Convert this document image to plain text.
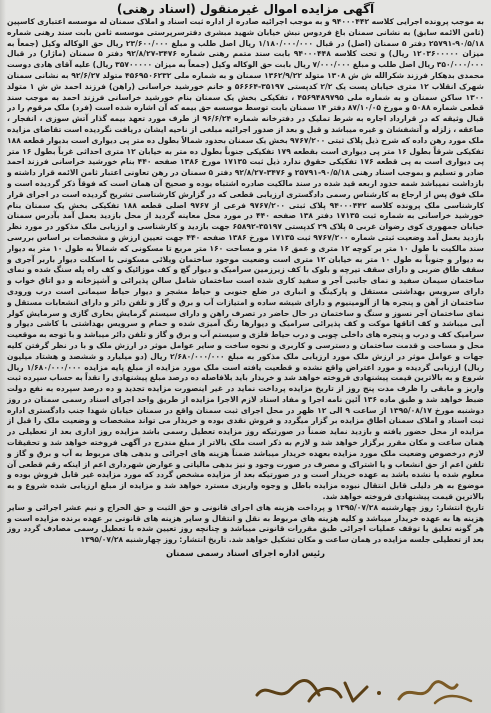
آگهی مزایده اموال غیرمنقول (اسناد رهنی)

به موجب پرونده اجرایی کلاسه ۹۴۰۰۰۴۴۲ و به موجب اجرائیه صادره از اداره ثبت اسناد و املاک سمنان له موسسه اعتباری کاسپین (ثامن الائمه سابق) به نشانی سمنان باغ فردوس نبش خیابان شهید مبشری دفترسرپرستی موسسه ثامن بابت سند رهنی شماره ۹۰/۵/۱۸-۲۵۷۹۱ دفتر ۵ سمنان (اصل) در قبال ۱/۱۸۰/۰۰۰/۰۰۰ ریال اصل طلب و مبلغ ۲۳/۶۰۰/۰۰۰ ریال حق الوکاله وکیل (جمعاً به میزان ۱۲۰۳۶۰۰۰۰۰ ریال) و تحت کلاسه ۹۴۰۰۰۴۴۸ بابت سند متمم رهنی شماره ۳۴۷۶-۹۲/۸/۲۷ دفتر ۵ سمنان (ماژار) در قبال ۳۵۰/۰۰۰/۰۰۰ ریال اصل طلب و مبلغ ۷/۰۰۰/۰۰۰ ریال بابت حق الوکاله وکیل (جمعاً به میزان ۳۵۷۰۰۰۰۰ ریال) علیه آقای هادی دوست محمدی بدهکار فرزند شکرالله ش ش ۱۳۰۸ متولد ۱۳۶۲/۹/۲۲ سمنان و به شماره ملی ۴۵۶۹۵۰۶۲۳۲ متولد ۹۲/۶/۲۷ به نشانی سمنان شهرک انقلاب ۱۲ متری خیابان پست یک ۲/۲ کدپستی ۳۵۱۹۷-۵۶۶۶۴ و خانم خورشید خراسانی (راهن) فرزند احمد ش ش ۱ متولد ۱۳۰۰ ساکن سمنان و به شماره ملی ۴۵۶۹۴۸۹۷۹۵ ، تفکیکی بخش یک سمنان بنام خورشید خراسانی فرزند احمد به موجب سند قطعی شماره ۵۰۸۸ و مورخ ۸۷/۱۰/۰۵ دفتر ۱۴ سمنان بابت توسط موسسه حق بیمه که آن اشاره شده است (فرد) ملک مرقوم را در قبال وثیقه که در قرارداد اجاره به شرط تملیک در دفترخانه شماره ۹۶/۶/۲۴ از طرف مورد تعهد بیمه گذار آتش سوزی ، انفجار ، صاعقه ، زلزله و آتشفشان و غیره میباشد و قبل و بعد از صدور اجرائیه مبلغی از ناحیه ایشان دریافت نگردیده است تقاضای مزایده ملک مورد رهن داده که شرح ذیل پلاک ثبتی ۹۷۶۷/۲۰۰ بخش یک سمنان بحدود شمالاً بطول ده متر پی دیواری است بدیوار قطعه ۱۸۸ تفکیکی شرقاً بطول ۱۶ متر پی دیواری است بقطعه ۱۷۹ تفکیکی جنوباً بطول ده متر به خیابان ۱۲ متری احداثی غرباً بطول ۱۶ متر پی دیواری است به پی قطعه ۱۷۶ تفکیکی حقوق ندارد ذیل ثبت ۱۷۱۳۵ مورخ ۱۳۸۶ صفحه ۴۴۰ بنام خورشید خراسانی فرزند احمد صادر و تسلیم و بموجب اسناد رهنی ۹۰/۵/۱۸-۲۵۷۹۱ و ۳۴۷۶-۹۲/۸/۲۷ دفتر ۵ سمنان در رهن تعاونی اعتبار ثامن الائمه قرار داشته و بازداشت نمیباشد شمه حدود اربعه قید شده در سند مالکیت صادره اشتباه بوده و صحیح آن همان است که فوقاً ذکر گردیده است و ملک فوق پس از ارجاع به کارشناس رسمی دادگستری ارزیابی قطعی که در گزارش کارشناسی تشریح گردیده است در اجرای قرار کارشناسی ملک پرونده کلاسه ۹۴۰۰۰۴۴۲ پلاک ثبتی ۹۷۶۷/۲۰۰ فرعی از ۹۷۶۷ اصلی قطعه ۱۸۸ تفکیکی بخش یک سمنان بنام خورشید خراسانی به شماره ثبت ۱۷۱۳۵ دفتر ۱۳۸ صفحه ۴۴۰ در مورد محل معاینه گردید از محل بازدید بعمل آمد بآدرس سمنان خیابان جمهوری کوی رضوان غربی ۵ پلاک ۲۹ کدپستی ۳۵۱۹۷-۶۵۸۹۲ جهت بازدید و کارشناسی و ارزیابی ملک مذکور در مورد نظر بازدید بعمل آمد وضعیت ثبتی شماره ۹۷۶۷/۲۰۰ ثبت ۱۷۱۳۵ مورخ ۱۳۸۶ صفحه ۴۴۰ جهت تعیین ارزش و مشخصات بر اساس بررسی سند مالکیت با طول ۱۰ متر بر کوچه ۱۲ متری و عمق ۱۶ متر و مساحت ۱۶۰ متر مربع تا مسکونی که شمالاً به طول ۱۰ متر به دیوار به دیوار و جنوباً به طول ۱۰ متر به خیابان ۱۲ متری است وضعیت موجود ساختمان ویلائی مسکونی با اسکلت دیوار باربر آجری و سقف طاق ضربی و دارای سقف تیرچه و بلوک با کف زیرزمین سرامیک و دیوار گچ و کف موزائیک و کف راه پله سنگ شده و نمای ساختمان سیمان سفید و نمای جانبی آجر و سفید کاری شده است ساختمان شامل سالن پذیرائی و آشپزخانه و دو اتاق خواب و دارای سرویس بهداشتی مستقل و پارکینگ و انباری در ضلع جنوبی و حیاط مشجر و دیوار حیاط سیمانی است درب ورودی ساختمان از آهن و پنجره ها از آلومینیوم و دارای شیشه ساده و امتیازات آب و برق و گاز و تلفن دائر و دارای انشعابات مستقل و نمای ساختمان آجر نسوز و سنگ و ساختمان در حال حاضر در تصرف راهن و دارای سیستم گرمایش بخاری گازی و سرمایش کولر آبی میباشد و کف اتاقها موکت و کف پذیرائی سرامیک و دیوارها رنگ آمیزی شده و حمام و سرویس بهداشتی با کاشی دیوار و سرامیک کف و درب و پنجره های داخلی چوبی و درب حیاط فلزی و سیستم آب و برق و گاز و تلفن دائر میباشد و با توجه به موقعیت محل و مساحت و قدمت ساختمان و دسترسی و کاربری و نحوه ساخت و سایر عوامل موثر در ارزش ملک و با در نظر گرفتن کلیه جهات و عوامل موثر در ارزش ملک مورد ارزیابی ملک مذکور به مبلغ ۲/۶۸۰/۰۰۰/۰۰۰ ریال (دو میلیارد و ششصد و هشتاد میلیون ریال) ارزیابی گردیده و مورد اعتراض واقع نشده و قطعیت یافته است ملک مورد مزایده از مبلغ پایه مزایده ۱/۶۸۰/۰۰۰/۰۰۰ ریال شروع و به بالاترین قیمت پیشنهادی فروخته خواهد شد و خریدار باید بلافاصله ده درصد مبلغ پیشنهادی را نقداً به حساب سپرده ثبت واریز و مابقی را ظرف مدت پنج روز از تاریخ مزایده پرداخت نماید در غیر اینصورت مزایده تجدید و ده درصد سپرده به نفع دولت ضبط خواهد شد و طبق ماده ۱۳۶ آئین نامه اجرا و مفاد اسناد لازم الاجرا مزایده از طریق واحد اجرای اسناد رسمی سمنان در روز دوشنبه مورخ ۱۳۹۵/۰۸/۱۷ از ساعت ۹ الی ۱۲ ظهر در محل اجرای ثبت سمنان واقع در سمنان خیابان شهدا جنب دادگستری اداره ثبت اسناد و املاک سمنان اطاق مزایده بر گزار میگردد و فروش نقدی بوده و خریدار می تواند مشخصات و وضعیت ملک را قبل از مزایده از محل حضور یافته و بازدید نماید ضمناً در صورتیکه روز مزایده تعطیل رسمی باشد مزایده روز اداری بعد از تعطیلی در همان ساعت و مکان مقرر برگزار خواهد شد و لازم به ذکر است ملک بالاتر از مبلغ مندرج در آگهی فروخته خواهد شد و تحقیقات لازم درخصوص وضعیت ملک مورد مزایده بعهده خریدار میباشد ضمناً هزینه های اجرائی و بدهی های مربوط به آب و برق و گاز و تلفن اعم از حق انشعاب و یا اشتراک و مصرف در صورت وجود و نیز بدهی مالیاتی و عوارض شهرداری اعم از اینکه رقم قطعی آن معلوم شده یا نشده باشد به عهده خریدار است و در صورتیکه بعد از مزایده مشخص گردد که مورد مزایده غیر قابل فروش بوده و موضوع به هر دلیلی قابل انتقال نبوده مزایده باطل و وجوه واریزی مسترد خواهد شد و مزایده از مبلغ ارزیابی شده شروع و به بالاترین قیمت پیشنهادی فروخته خواهد شد.

تاریخ انتشار: روز چهارشنبه ۱۳۹۵/۰۷/۲۸ و پرداخت هزینه های اجرای قانونی و حق الثبت و حق الحراج و نیم عشر اجرائی و سایر هزینه ها به عهده خریدار میباشد و کلیه هزینه های مربوط به نقل و انتقال و سایر هزینه های قانونی بر عهده برنده مزایده است و هر گونه تعلیق یا توقف عملیات اجرائی طبق مقررات قانونی میباشد و چنانچه روز تعیین شده با تعطیل رسمی مصادف گردد روز بعد از تعطیلی جلسه مزایده در همان ساعت و مکان تشکیل خواهد شد. تاریخ انتشار: روز چهارشنبه ۱۳۹۵/۰۷/۲۸

رئیس اداره اجرای اسناد رسمی سمنان
